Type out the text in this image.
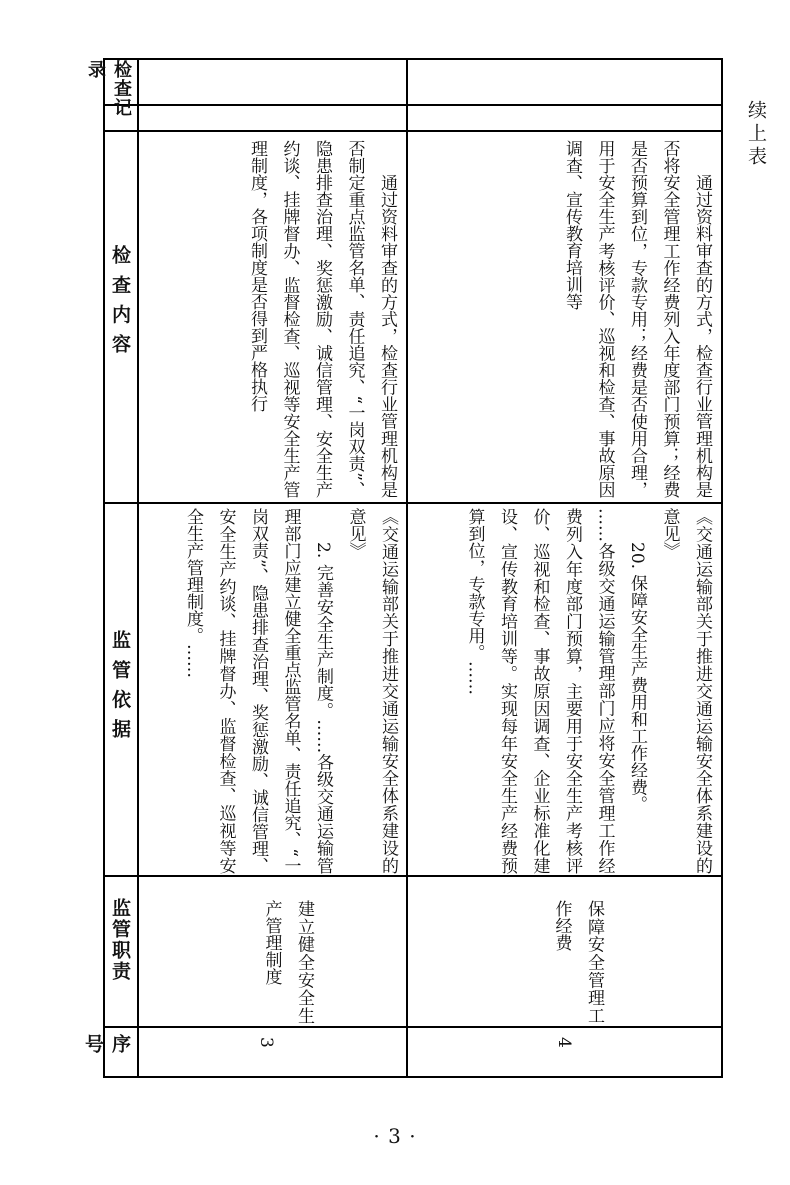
续上表
序号
监管职责
监 管 依 据
检 查 内 容
检查记录
3
建立健全安全生产管理制度

《交通运输部关于推进交通运输安全体系建设的意见》

2. 完善安全生产制度。……各级交通运输管理部门应建立健全重点监管名单、责任追究、“一岗双责”、隐患排查治理、奖惩激励、诚信管理、安全生产约谈、挂牌督办、监督检查、巡视等安全生产管理制度。……

通过资料审查的方式，检查行业管理机构是否制定重点监管名单、责任追究、“一岗双责”、隐患排查治理、奖惩激励、诚信管理、安全生产约谈、挂牌督办、监督检查、巡视等安全生产管理制度，各项制度是否得到严格执行

4
保障安全管理工作经费

《交通运输部关于推进交通运输安全体系建设的意见》

20. 保障安全生产费用和工作经费。

……各级交通运输管理部门应将安全管理工作经费列入年度部门预算，主要用于安全生产考核评价、巡视和检查、事故原因调查、企业标准化建设、宣传教育培训等。实现每年安全生产经费预算到位，专款专用。……

通过资料审查的方式，检查行业管理机构是否将安全管理工作经费列入年度部门预算；经费是否预算到位，专款专用；经费是否使用合理，用于安全生产考核评价、巡视和检查、事故原因调查、宣传教育培训等

· 3 ·
